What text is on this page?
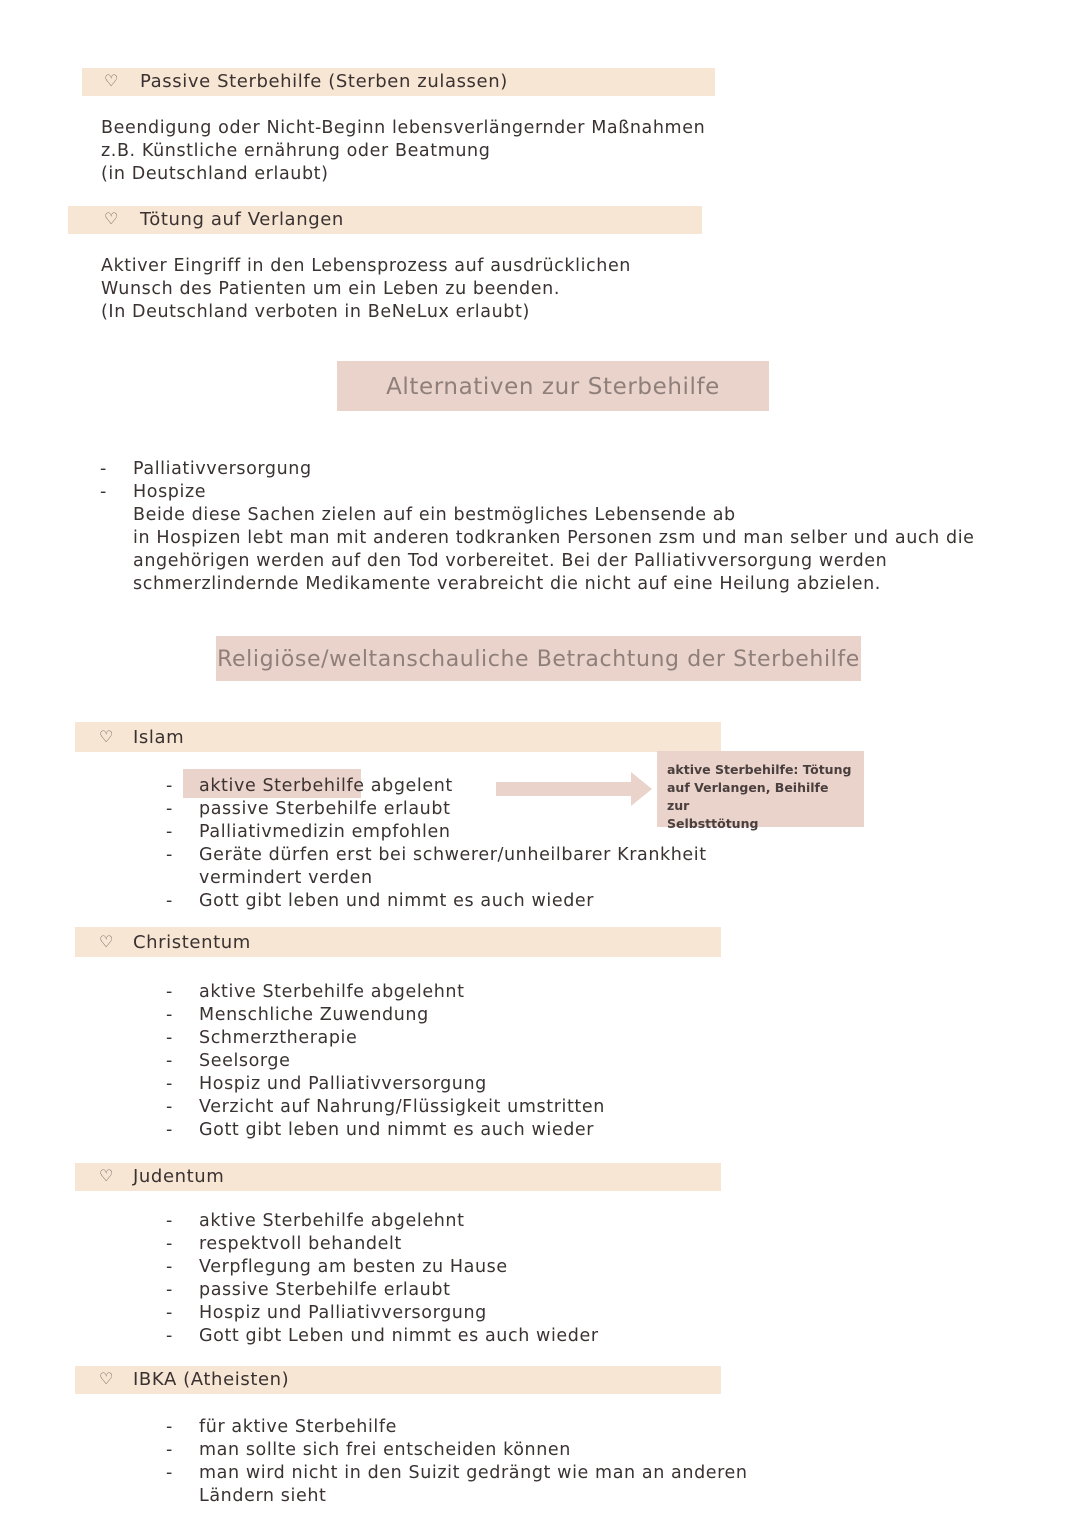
♡ Passive Sterbehilfe (Sterben zulassen)
Beendigung oder Nicht-Beginn lebensverlängernder Maßnahmen
z.B. Künstliche ernährung oder Beatmung
(in Deutschland erlaubt)
♡ Tötung auf Verlangen
Aktiver Eingriff in den Lebensprozess auf ausdrücklichen
Wunsch des Patienten um ein Leben zu beenden.
(In Deutschland verboten in BeNeLux erlaubt)
Alternativen zur Sterbehilfe
- Palliativversorgung
- Hospize
Beide diese Sachen zielen auf ein bestmögliches Lebensende ab
in Hospizen lebt man mit anderen todkranken Personen zsm und man selber und auch die
angehörigen werden auf den Tod vorbereitet. Bei der Palliativversorgung werden
schmerzlindernde Medikamente verabreicht die nicht auf eine Heilung abzielen.
Religiöse/weltanschauliche Betrachtung der Sterbehilfe
♡ Islam
- aktive Sterbehilfe abgelent
- passive Sterbehilfe erlaubt
- Palliativmedizin empfohlen
- Geräte dürfen erst bei schwerer/unheilbarer Krankheit
vermindert verden
- Gott gibt leben und nimmt es auch wieder
aktive Sterbehilfe: Tötung
auf Verlangen, Beihilfe zur
Selbsttötung
♡ Christentum
- aktive Sterbehilfe abgelehnt
- Menschliche Zuwendung
- Schmerztherapie
- Seelsorge
- Hospiz und Palliativversorgung
- Verzicht auf Nahrung/Flüssigkeit umstritten
- Gott gibt leben und nimmt es auch wieder
♡ Judentum
- aktive Sterbehilfe abgelehnt
- respektvoll behandelt
- Verpflegung am besten zu Hause
- passive Sterbehilfe erlaubt
- Hospiz und Palliativversorgung
- Gott gibt Leben und nimmt es auch wieder
♡ IBKA (Atheisten)
- für aktive Sterbehilfe
- man sollte sich frei entscheiden können
- man wird nicht in den Suizit gedrängt wie man an anderen
Ländern sieht
